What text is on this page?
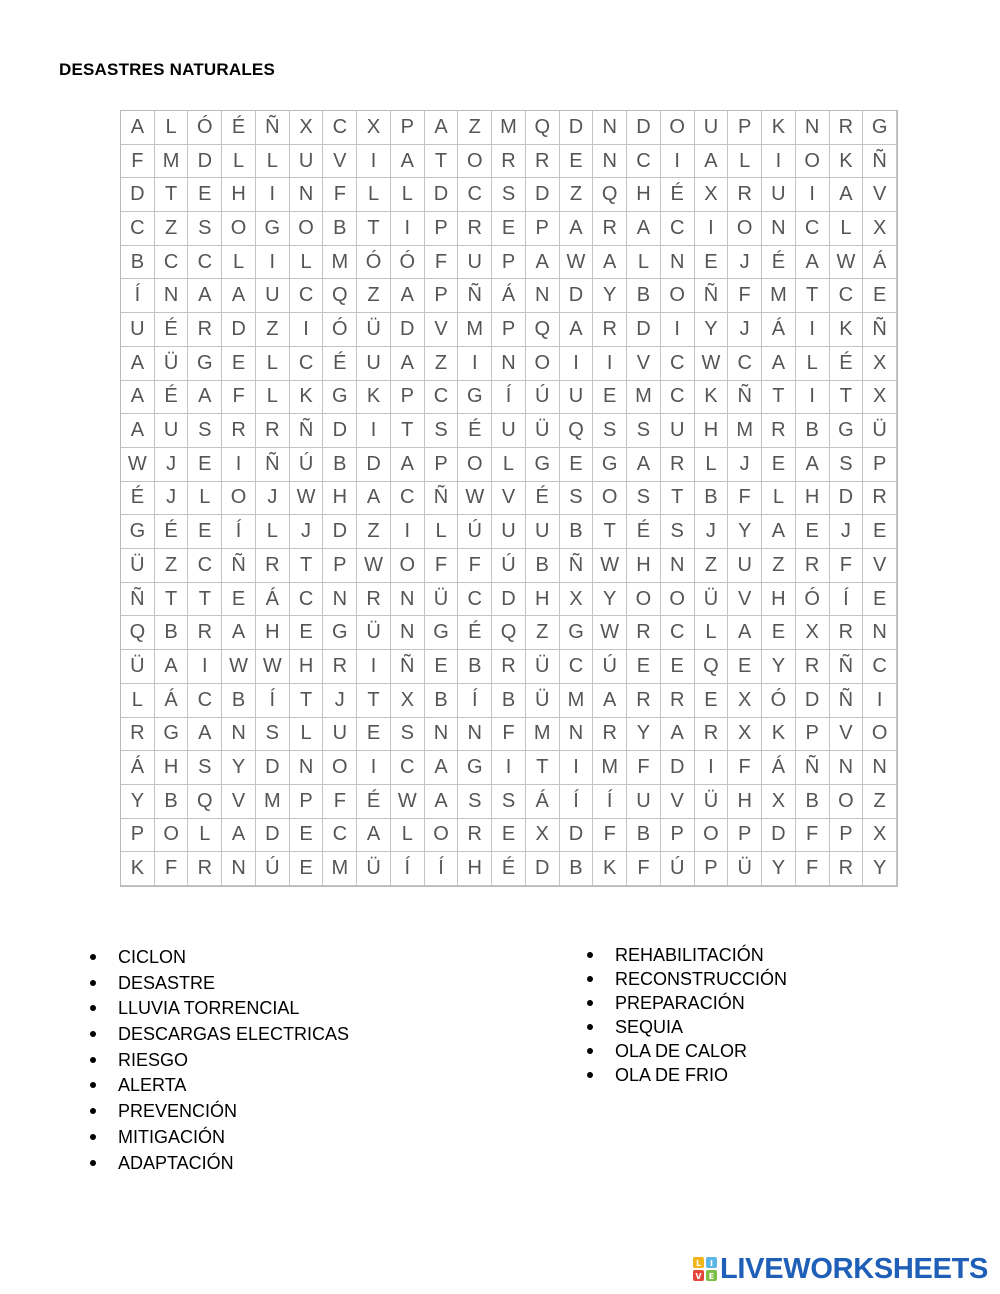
DESASTRES NATURALES
A	L	Ó É Ñ X C X	P	A	Z M Q D N D O U P	K N R G
F M D	L	L	U V	I	A	T O R R E N C	I	A	L	I	O K Ñ
D	T	E H	I	N	F	L	L	D C S D	Z Q H É	X R U	I	A	V
C	Z	S O G O B	T	I	P R E	P	A R A C	I	O N C	L	X
B C C	L	I	L M Ó Ó F	U P	A W A	L	N E	J	É	A W Á
Í	N A	A U C Q Z	A	P Ñ Á N D Y	B O Ñ	F M T	C E
U É R D	Z	I	Ó Ü D V M P Q A R D	I	Y	J	Á	I	K Ñ
A Ü G E	L	C É U A	Z	I	N O	I	I	V C W C A	L	É	X
A	É	A	F	L	K G K	P C G	Í	Ú U E M C K Ñ	T	I	T	X
A U S R R Ñ D	I	T	S	É U Ü Q S	S U H M R B G Ü
W J	E	I	Ñ Ú B D A	P O	L	G E G A R	L	J	E	A	S	P
É	J	L	O	J W H A C Ñ W V	É	S O S	T	B	F	L	H D R
G É	E	Í	L	J	D	Z	I	L	Ú U U B	T	É	S	J	Y	A	E	J	E
Ü	Z	C Ñ R	T	P W O F	F	Ú B Ñ W H N	Z	U	Z	R	F	V
Ñ	T	T	E	Á C N R N Ü C D H X	Y O O Ü V H Ó	Í	E
Q B R A H E G Ü N G É Q Z G W R C	L	A	E	X R N
Ü A	I	W W H R	I	Ñ E	B R Ü C Ú E	E Q E	Y R Ñ C
L	Á C B	Í	T	J	T	X	B	Í	B Ü M A R R E	X Ó D Ñ	I
R G A N S	L	U E	S N N	F M N R Y	A R X	K	P	V O
Á H S	Y D N O	I	C A G	I	T	I	M F	D	I	F	Á Ñ N N
Y	B Q V M P	F	É W A	S	S	Á	Í	Í	U V Ü H X	B O Z
P O	L	A D E C A	L	O R E	X D	F	B	P O P D	F	P	X
K	F	R N Ú E M Ü	Í	Í	H É D B	K	F	Ú P Ü Y	F	R Y
CICLON
DESASTRE
LLUVIA TORRENCIAL
DESCARGAS ELECTRICAS
RIESGO
ALERTA
PREVENCIÓN
MITIGACIÓN
ADAPTACIÓN
REHABILITACIÓN
RECONSTRUCCIÓN
PREPARACIÓN
SEQUIA
OLA DE CALOR
OLA DE FRIO
L I
V E LIVEWORKSHEETS
